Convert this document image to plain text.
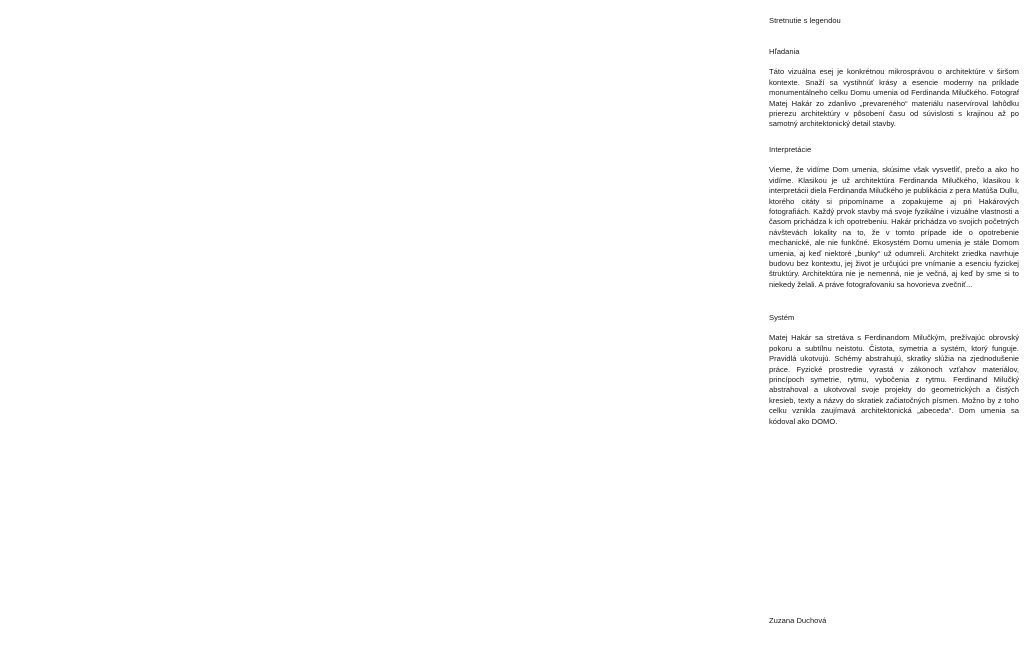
Stretnutie s legendou
Hľadania

Táto vizuálna esej je konkrétnou mikrosprávou o architektúre v širšom kontexte. Snaží sa vystihnúť krásy a esencie moderny na príklade monumentálneho celku Domu umenia od Ferdinanda Milučkého. Fotograf Matej Hakár zo zdanlivo „prevareného“ materiálu naservíroval lahôdku prierezu architektúry v pôsobení času od súvislosti s krajinou až po samotný architektonický detail stavby.

Interpretácie

Vieme, že vidíme Dom umenia, skúsime však vysvetliť, prečo a ako ho vidíme. Klasikou je už architektúra Ferdinanda Milučkého, klasikou k interpretácii diela Ferdinanda Milučkého je publikácia z pera Matúša Dullu, ktorého citáty si pripomíname a zopakujeme aj pri Hakárových fotografiách. Každý prvok stavby má svoje fyzikálne i vizuálne vlastnosti a časom prichádza k ich opotrebeniu. Hakár prichádza vo svojich početných návštevách lokality na to, že v tomto prípade ide o opotrebenie mechanické, ale nie funkčné. Ekosystém Domu umenia je stále Domom umenia, aj keď niektoré „bunky“ už odumreli. Architekt zriedka navrhuje budovu bez kontextu, jej život je určujúci pre vnímanie a esenciu fyzickej štruktúry. Architektúra nie je nemenná, nie je večná, aj keď by sme si to niekedy želali. A práve fotografovaniu sa hovorieva zvečniť...

Systém

Matej Hakár sa stretáva s Ferdinandom Milučkým, prežívajúc obrovský pokoru a subtílnu neistotu. Čistota, symetria a systém, ktorý funguje. Pravidlá ukotvujú. Schémy abstrahujú, skratky slúžia na zjednodušenie práce. Fyzické prostredie vyrastá v zákonoch vzťahov materiálov, princípoch symetrie, rytmu, vybočenia z rytmu. Ferdinand Milučký abstrahoval a ukotvoval svoje projekty do geometrických a čistých kresieb, texty a názvy do skratiek začiatočných písmen. Možno by z toho celku vznikla zaujímavá architektonická „abeceda“. Dom umenia sa kódoval ako DOMO.

Zuzana Duchová
